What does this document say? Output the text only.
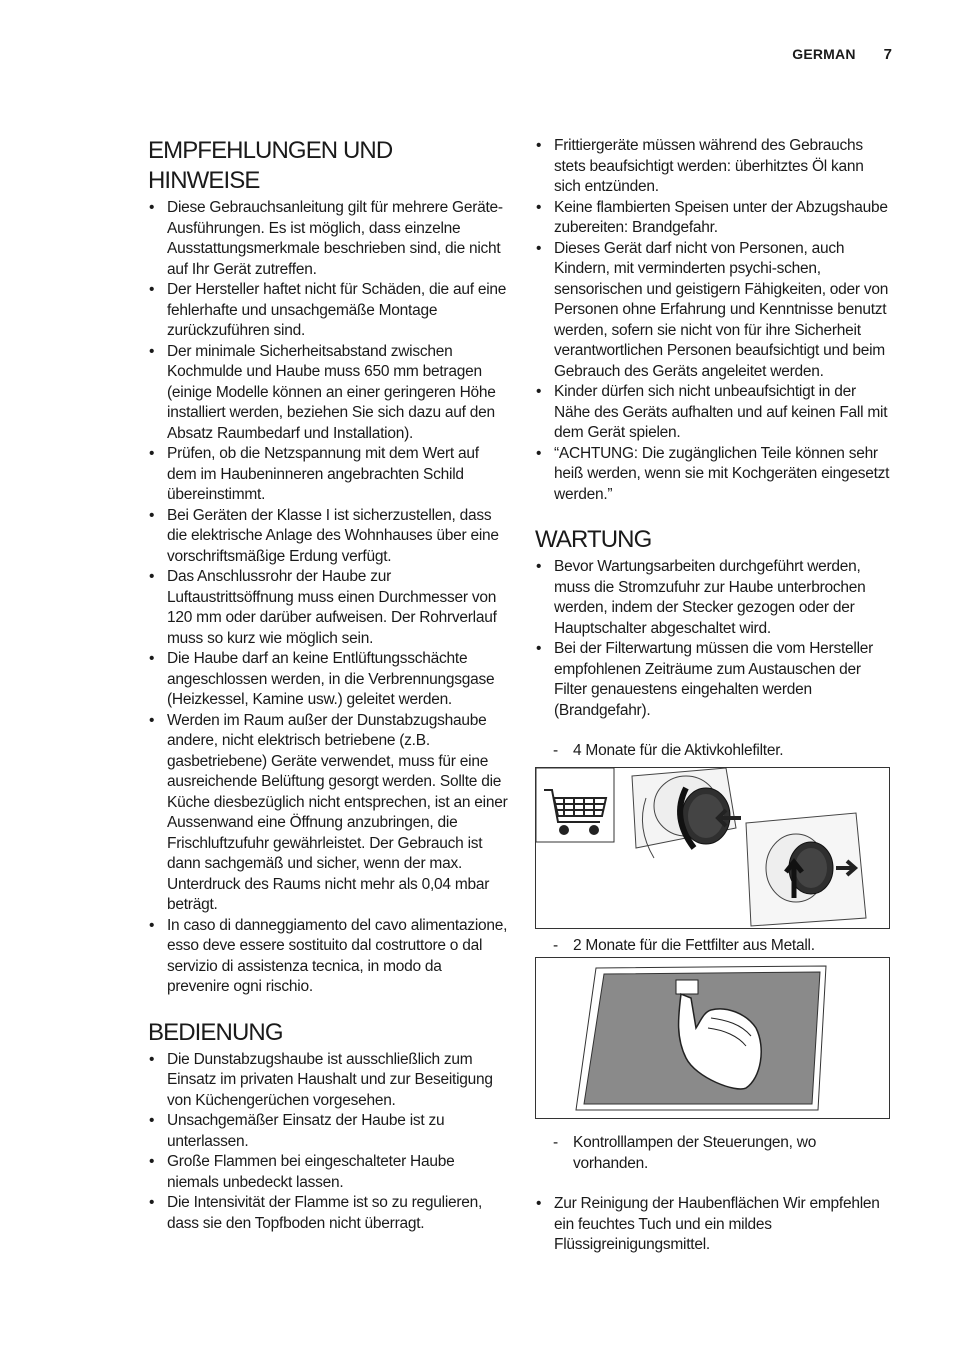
GERMAN 7
EMPFEHLUNGEN UND HINWEISE
• Diese Gebrauchsanleitung gilt für mehrere Geräte-Ausführungen. Es ist möglich, dass einzelne Ausstattungsmerkmale beschrieben sind, die nicht auf Ihr Gerät zutreffen.
• Der Hersteller haftet nicht für Schäden, die auf eine fehlerhafte und unsachgemäße Montage zurückzuführen sind.
• Der minimale Sicherheitsabstand zwischen Kochmulde und Haube muss 650 mm betragen (einige Modelle können an einer geringeren Höhe installiert werden, beziehen Sie sich dazu auf den Absatz Raumbedarf und Installation).
• Prüfen, ob die Netzspannung mit dem Wert auf dem im Haubeninneren angebrachten Schild übereinstimmt.
• Bei Geräten der Klasse I ist sicherzustellen, dass die elektrische Anlage des Wohnhauses über eine vorschriftsmäßige Erdung verfügt.
• Das Anschlussrohr der Haube zur Luftaustrittsöffnung muss einen Durchmesser von 120 mm oder darüber aufweisen. Der Rohrverlauf muss so kurz wie möglich sein.
• Die Haube darf an keine Entlüftungsschächte angeschlossen werden, in die Verbrennungsgase (Heizkessel, Kamine usw.) geleitet werden.
• Werden im Raum außer der Dunstabzugshaube andere, nicht elektrisch betriebene (z.B. gasbetriebene) Geräte verwendet, muss für eine ausreichende Belüftung gesorgt werden. Sollte die Küche diesbezüglich nicht entsprechen, ist an einer Aussenwand eine Öffnung anzubringen, die Frischluftzufuhr gewährleistet. Der Gebrauch ist dann sachgemäß und sicher, wenn der max. Unterdruck des Raums nicht mehr als 0,04 mbar beträgt.
• In caso di danneggiamento del cavo alimentazione, esso deve essere sostituito dal costruttore o dal servizio di assistenza tecnica, in modo da prevenire ogni rischio.
BEDIENUNG
• Die Dunstabzugshaube ist ausschließlich zum Einsatz im privaten Haushalt und zur Beseitigung von Küchengerüchen vorgesehen.
• Unsachgemäßer Einsatz der Haube ist zu unterlassen.
• Große Flammen bei eingeschalteter Haube niemals unbedeckt lassen.
• Die Intensivität der Flamme ist so zu regulieren, dass sie den Topfboden nicht überragt.
• Frittiergeräte müssen während des Gebrauchs stets beaufsichtigt werden: überhitztes Öl kann sich entzünden.
• Keine flambierten Speisen unter der Abzugshaube zubereiten: Brandgefahr.
• Dieses Gerät darf nicht von Personen, auch Kindern, mit verminderten psychi-schen, sensorischen und geistigern Fähigkeiten, oder von Personen ohne Erfahrung und Kenntnisse benutzt werden, sofern sie nicht von für ihre Sicherheit verantwortlichen Personen beaufsichtigt und beim Gebrauch des Geräts angeleitet werden.
• Kinder dürfen sich nicht unbeaufsichtigt in der Nähe des Geräts aufhalten und auf keinen Fall mit dem Gerät spielen.
• “ACHTUNG: Die zugänglichen Teile können sehr heiß werden, wenn sie mit Kochgeräten eingesetzt werden.”
WARTUNG
• Bevor Wartungsarbeiten durchgeführt werden, muss die Stromzufuhr zur Haube unterbrochen werden, indem der Stecker gezogen oder der Hauptschalter abgeschaltet wird.
• Bei der Filterwartung müssen die vom Hersteller empfohlenen Zeiträume zum Austauschen der Filter genauestens eingehalten werden (Brandgefahr).
- 4 Monate für die Aktivkohlefilter.
- 2 Monate für die Fettfilter aus Metall.
- Kontrolllampen der Steuerungen, wo vorhanden.
• Zur Reinigung der Haubenflächen Wir empfehlen ein feuchtes Tuch und ein mildes Flüssigreinigungsmittel.
